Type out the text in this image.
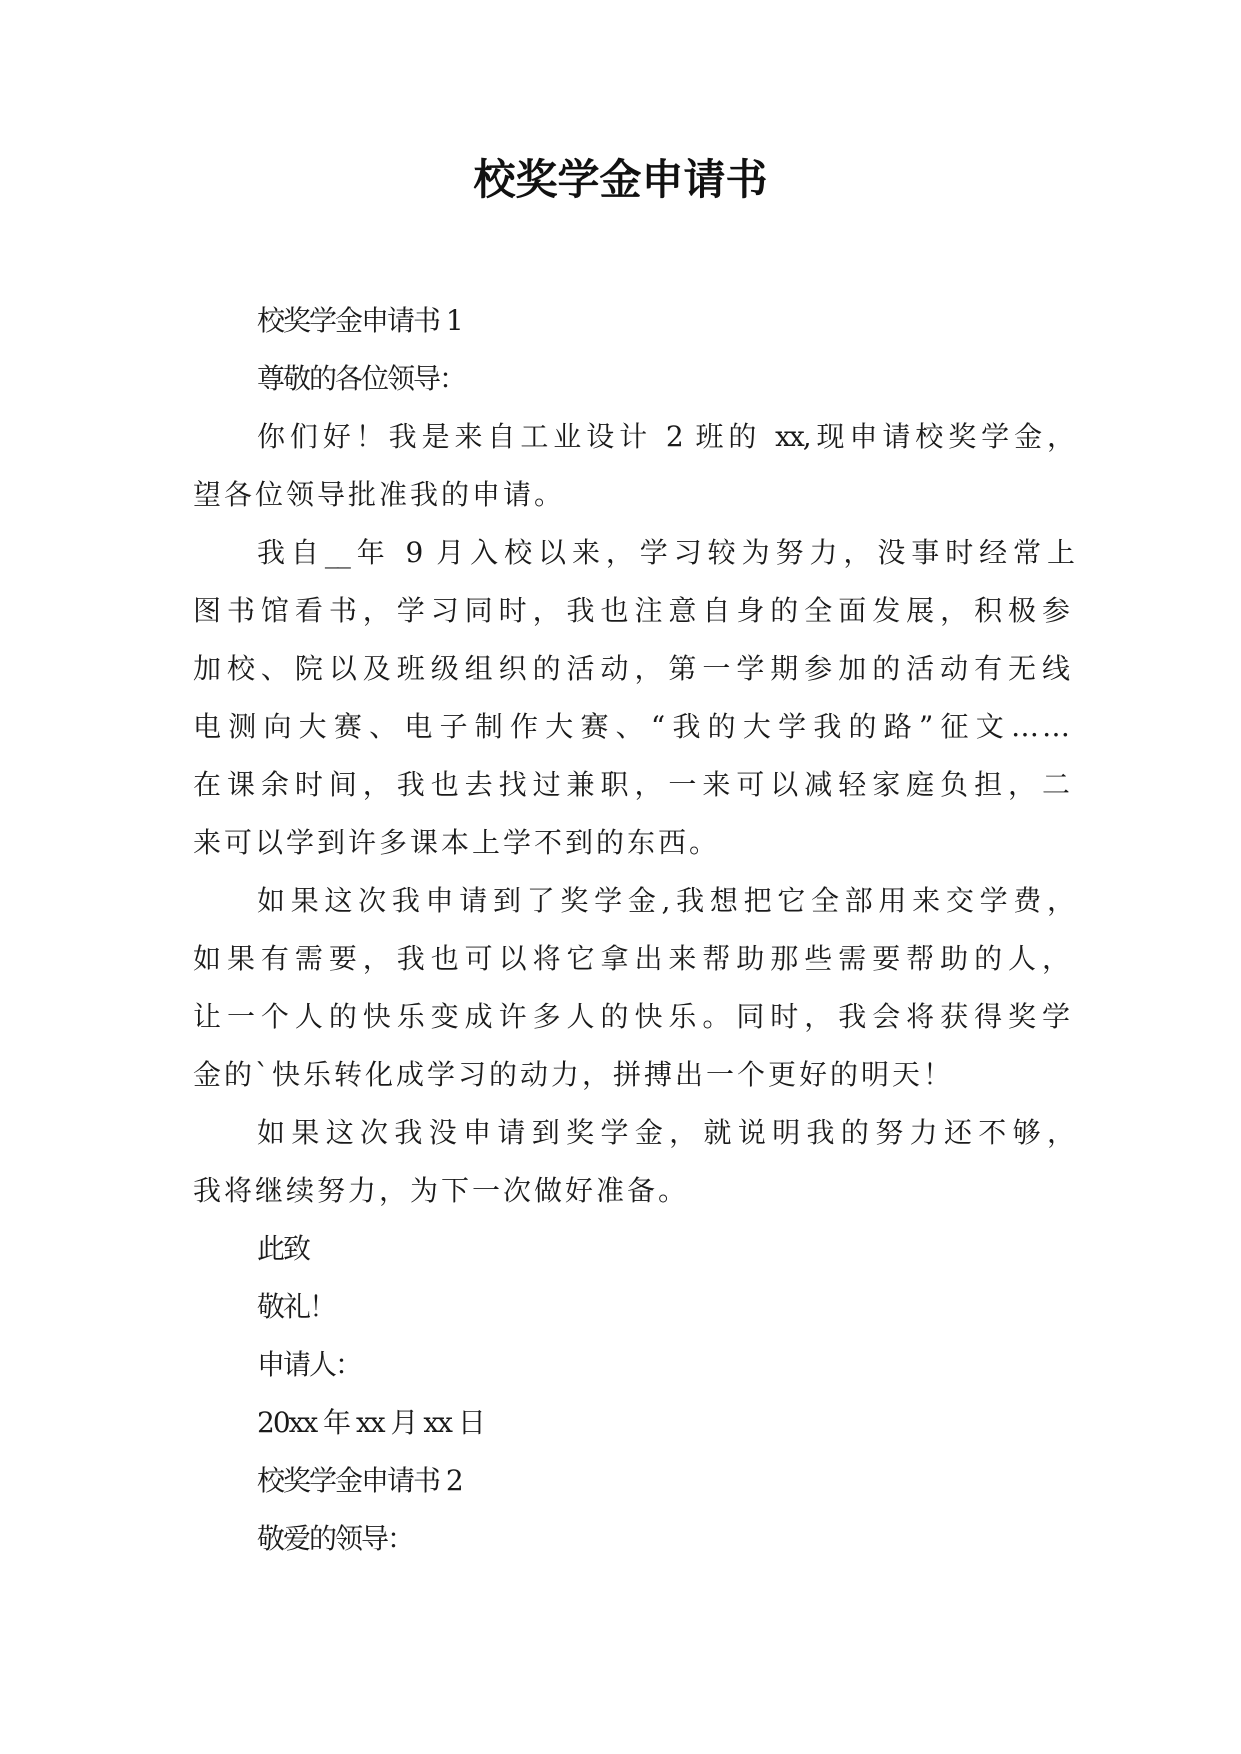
校奖学金申请书
校奖学金申请书 1
尊敬的各位领导：
你们好！我是来自工业设计 2 班的 xx,现申请校奖学金，
望各位领导批准我的申请。
我自__年 9 月入校以来，学习较为努力，没事时经常上
图书馆看书，学习同时，我也注意自身的全面发展，积极参
加校、院以及班级组织的活动，第一学期参加的活动有无线
电测向大赛、电子制作大赛、“我的大学我的路”征文……
在课余时间，我也去找过兼职，一来可以减轻家庭负担，二
来可以学到许多课本上学不到的东西。
如果这次我申请到了奖学金,我想把它全部用来交学费，
如果有需要，我也可以将它拿出来帮助那些需要帮助的人，
让一个人的快乐变成许多人的快乐。同时，我会将获得奖学
金的`快乐转化成学习的动力，拼搏出一个更好的明天！
如果这次我没申请到奖学金，就说明我的努力还不够，
我将继续努力，为下一次做好准备。
此致
敬礼！
申请人：
20xx 年 xx 月 xx 日
校奖学金申请书 2
敬爱的领导：
